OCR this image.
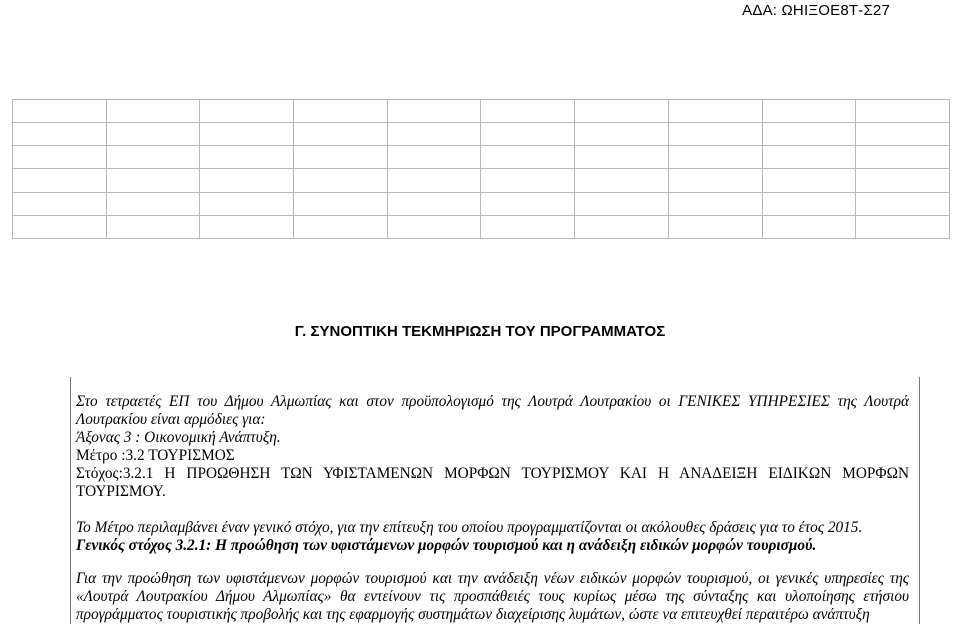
ΑΔΑ: ΩΗΙΞΟΕ8Τ-Σ27

Γ. ΣΥΝΟΠΤΙΚΗ ΤΕΚΜΗΡΙΩΣΗ ΤΟΥ ΠΡΟΓΡΑΜΜΑΤΟΣ

Στο τετραετές ΕΠ του Δήμου Αλμωπίας και στον προϋπολογισμό της Λουτρά Λουτρακίου οι ΓΕΝΙΚΕΣ ΥΠΗΡΕΣΙΕΣ της Λουτρά Λουτρακίου είναι αρμόδιες για:

Άξονας 3 : Οικονομική Ανάπτυξη.

Μέτρο :3.2 ΤΟΥΡΙΣΜΟΣ

Στόχος:3.2.1 Η ΠΡΟΩΘΗΣΗ ΤΩΝ ΥΦΙΣΤΑΜΕΝΩΝ ΜΟΡΦΩΝ ΤΟΥΡΙΣΜΟΥ ΚΑΙ Η ΑΝΑΔΕΙΞΗ ΕΙΔΙΚΩΝ ΜΟΡΦΩΝ ΤΟΥΡΙΣΜΟΥ.

Το Μέτρο περιλαμβάνει έναν γενικό στόχο, για την επίτευξη του οποίου προγραμματίζονται οι ακόλουθες δράσεις για το έτος 2015.

Γενικός στόχος 3.2.1: Η προώθηση των υφιστάμενων μορφών τουρισμού και η ανάδειξη ειδικών μορφών τουρισμού.

Για την προώθηση των υφιστάμενων μορφών τουρισμού και την ανάδειξη νέων ειδικών μορφών τουρισμού, οι γενικές υπηρεσίες της «Λουτρά Λουτρακίου Δήμου Αλμωπίας» θα εντείνουν τις προσπάθειές τους κυρίως μέσω της σύνταξης και υλοποίησης ετήσιου προγράμματος τουριστικής προβολής και της εφαρμογής συστημάτων διαχείρισης λυμάτων, ώστε να επιτευχθεί περαιτέρω ανάπτυξη
